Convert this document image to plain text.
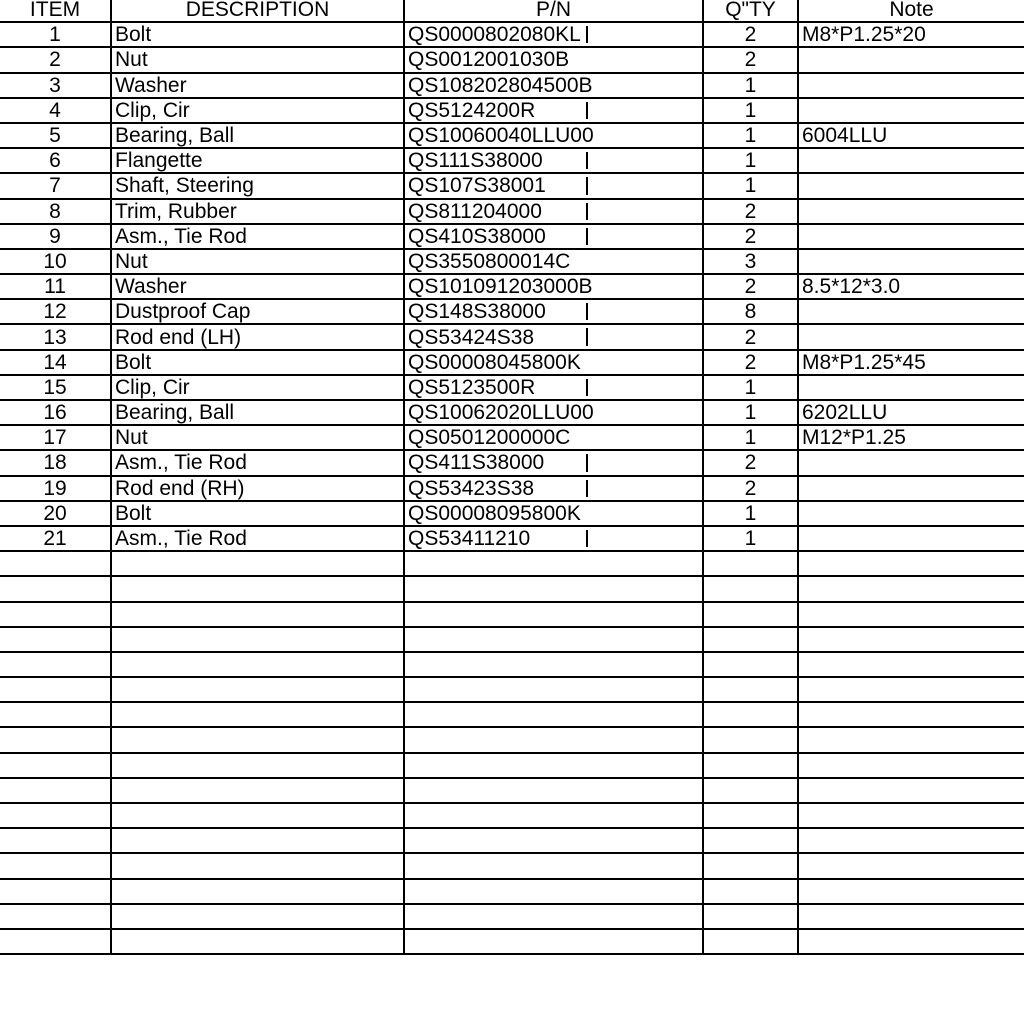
ITEM	DESCRIPTION	P/N	Q"TY	Note
1	Bolt	QS0000802080KL	2	M8*P1.25*20
2	Nut	QS0012001030B	2	
3	Washer	QS108202804500B	1	
4	Clip, Cir	QS5124200R	1	
5	Bearing, Ball	QS10060040LLU00	1	6004LLU
6	Flangette	QS111S38000	1	
7	Shaft, Steering	QS107S38001	1	
8	Trim, Rubber	QS811204000	2	
9	Asm., Tie Rod	QS410S38000	2	
10	Nut	QS3550800014C	3	
11	Washer	QS101091203000B	2	8.5*12*3.0
12	Dustproof Cap	QS148S38000	8	
13	Rod end (LH)	QS53424S38	2	
14	Bolt	QS00008045800K	2	M8*P1.25*45
15	Clip, Cir	QS5123500R	1	
16	Bearing, Ball	QS10062020LLU00	1	6202LLU
17	Nut	QS0501200000C	1	M12*P1.25
18	Asm., Tie Rod	QS411S38000	2	
19	Rod end (RH)	QS53423S38	2	
20	Bolt	QS00008095800K	1	
21	Asm., Tie Rod	QS53411210	1	
